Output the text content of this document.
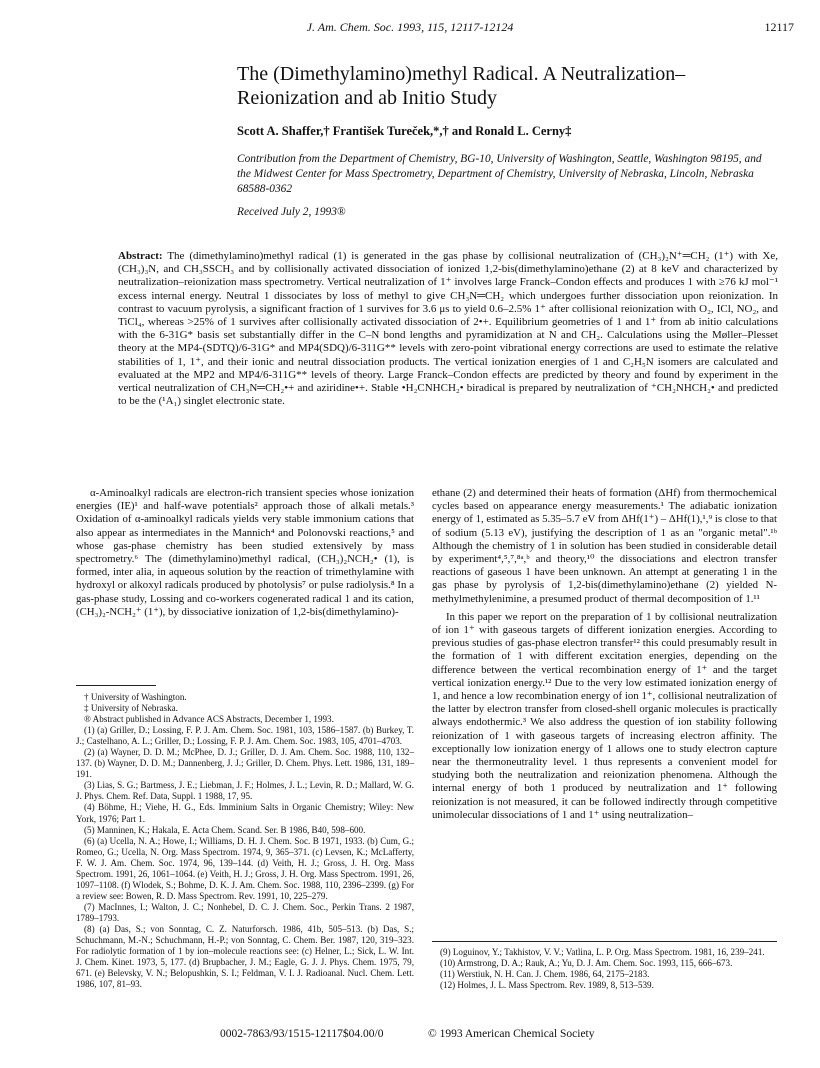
J. Am. Chem. Soc. 1993, 115, 12117-12124	12117
The (Dimethylamino)methyl Radical. A Neutralization–Reionization and ab Initio Study
Scott A. Shaffer,† František Tureček,*,† and Ronald L. Cerny‡
Contribution from the Department of Chemistry, BG-10, University of Washington, Seattle, Washington 98195, and the Midwest Center for Mass Spectrometry, Department of Chemistry, University of Nebraska, Lincoln, Nebraska 68588-0362
Received July 2, 1993®
Abstract: The (dimethylamino)methyl radical (1) is generated in the gas phase by collisional neutralization of (CH₃)₂N⁺═CH₂ (1⁺) with Xe, (CH₃)₃N, and CH₃SSCH₃ and by collisionally activated dissociation of ionized 1,2-bis(dimethylamino)ethane (2) at 8 keV and characterized by neutralization–reionization mass spectrometry. Vertical neutralization of 1⁺ involves large Franck–Condon effects and produces 1 with ≥76 kJ mol⁻¹ excess internal energy. Neutral 1 dissociates by loss of methyl to give CH₃N═CH₂ which undergoes further dissociation upon reionization. In contrast to vacuum pyrolysis, a significant fraction of 1 survives for 3.6 μs to yield 0.6–2.5% 1⁺ after collisional reionization with O₂, ICl, NO₂, and TiCl₄, whereas >25% of 1 survives after collisionally activated dissociation of 2•+. Equilibrium geometries of 1 and 1⁺ from ab initio calculations with the 6-31G* basis set substantially differ in the C–N bond lengths and pyramidization at N and CH₂. Calculations using the Møller–Plesset theory at the MP4-(SDTQ)/6-31G* and MP4(SDQ)/6-311G** levels with zero-point vibrational energy corrections are used to estimate the relative stabilities of 1, 1⁺, and their ionic and neutral dissociation products. The vertical ionization energies of 1 and C₂H₅N isomers are calculated and evaluated at the MP2 and MP4/6-311G** levels of theory. Large Franck–Condon effects are predicted by theory and found by experiment in the vertical neutralization of CH₃N═CH₂•+ and aziridine•+. Stable •H₂CNHCH₂• biradical is prepared by neutralization of ⁺CH₂NHCH₂• and predicted to be the (¹A₁) singlet electronic state.

α-Aminoalkyl radicals are electron-rich transient species whose ionization energies (IE)¹ and half-wave potentials² approach those of alkali metals.³ Oxidation of α-aminoalkyl radicals yields very stable immonium cations that also appear as intermediates in the Mannich⁴ and Polonovski reactions,⁵ and whose gas-phase chemistry has been studied extensively by mass spectrometry.⁶ The (dimethylamino)methyl radical, (CH₃)₂NCH₂• (1), is formed, inter alia, in aqueous solution by the reaction of trimethylamine with hydroxyl or alkoxyl radicals produced by photolysis⁷ or pulse radiolysis.⁸ In a gas-phase study, Lossing and co-workers cogenerated radical 1 and its cation, (CH₃)₂-NCH₂⁺ (1⁺), by dissociative ionization of 1,2-bis(dimethylamino)-

† University of Washington.

‡ University of Nebraska.

® Abstract published in Advance ACS Abstracts, December 1, 1993.

(1) (a) Griller, D.; Lossing, F. P. J. Am. Chem. Soc. 1981, 103, 1586–1587. (b) Burkey, T. J.; Castelhano, A. L.; Griller, D.; Lossing, F. P. J. Am. Chem. Soc. 1983, 105, 4701–4703.

(2) (a) Wayner, D. D. M.; McPhee, D. J.; Griller, D. J. Am. Chem. Soc. 1988, 110, 132–137. (b) Wayner, D. D. M.; Dannenberg, J. J.; Griller, D. Chem. Phys. Lett. 1986, 131, 189–191.

(3) Lias, S. G.; Bartmess, J. E.; Liebman, J. F.; Holmes, J. L.; Levin, R. D.; Mallard, W. G. J. Phys. Chem. Ref. Data, Suppl. 1 1988, 17, 95.

(4) Böhme, H.; Viehe, H. G., Eds. Imminium Salts in Organic Chemistry; Wiley: New York, 1976; Part 1.

(5) Manninen, K.; Hakala, E. Acta Chem. Scand. Ser. B 1986, B40, 598–600.

(6) (a) Ucella, N. A.; Howe, I.; Williams, D. H. J. Chem. Soc. B 1971, 1933. (b) Cum, G.; Romeo, G.; Ucella, N. Org. Mass Spectrom. 1974, 9, 365–371. (c) Levsen, K.; McLafferty, F. W. J. Am. Chem. Soc. 1974, 96, 139–144. (d) Veith, H. J.; Gross, J. H. Org. Mass Spectrom. 1991, 26, 1061–1064. (e) Veith, H. J.; Gross, J. H. Org. Mass Spectrom. 1991, 26, 1097–1108. (f) Wlodek, S.; Bohme, D. K. J. Am. Chem. Soc. 1988, 110, 2396–2399. (g) For a review see: Bowen, R. D. Mass Spectrom. Rev. 1991, 10, 225–279.

(7) MacInnes, I.; Walton, J. C.; Nonhebel, D. C. J. Chem. Soc., Perkin Trans. 2 1987, 1789–1793.

(8) (a) Das, S.; von Sonntag, C. Z. Naturforsch. 1986, 41b, 505–513. (b) Das, S.; Schuchmann, M.-N.; Schuchmann, H.-P.; von Sonntag, C. Chem. Ber. 1987, 120, 319–323. For radiolytic formation of 1 by ion–molecule reactions see: (c) Helner, L.; Sick, L. W. Int. J. Chem. Kinet. 1973, 5, 177. (d) Brupbacher, J. M.; Eagle, G. J. J. Phys. Chem. 1975, 79, 671. (e) Belevsky, V. N.; Belopushkin, S. I.; Feldman, V. I. J. Radioanal. Nucl. Chem. Lett. 1986, 107, 81–93.

ethane (2) and determined their heats of formation (ΔHf) from thermochemical cycles based on appearance energy measurements.¹ The adiabatic ionization energy of 1, estimated as 5.35–5.7 eV from ΔHf(1⁺) – ΔHf(1),¹,⁹ is close to that of sodium (5.13 eV), justifying the description of 1 as an "organic metal".¹ᵇ Although the chemistry of 1 in solution has been studied in considerable detail by experiment⁴,⁵,⁷,⁸ᵃ,ᵇ and theory,¹⁰ the dissociations and electron transfer reactions of gaseous 1 have been unknown. An attempt at generating 1 in the gas phase by pyrolysis of 1,2-bis(dimethylamino)ethane (2) yielded N-methylmethylenimine, a presumed product of thermal decomposition of 1.¹¹

In this paper we report on the preparation of 1 by collisional neutralization of ion 1⁺ with gaseous targets of different ionization energies. According to previous studies of gas-phase electron transfer¹² this could presumably result in the formation of 1 with different excitation energies, depending on the difference between the vertical recombination energy of 1⁺ and the target vertical ionization energy.¹² Due to the very low estimated ionization energy of 1, and hence a low recombination energy of ion 1⁺, collisional neutralization of the latter by electron transfer from closed-shell organic molecules is practically always endothermic.³ We also address the question of ion stability following reionization of 1 with gaseous targets of increasing electron affinity. The exceptionally low ionization energy of 1 allows one to study electron capture near the thermoneutrality level. 1 thus represents a convenient model for studying both the neutralization and reionization phenomena. Although the internal energy of both 1 produced by neutralization and 1⁺ following reionization is not measured, it can be followed indirectly through competitive unimolecular dissociations of 1 and 1⁺ using neutralization–

(9) Loguinov, Y.; Takhistov, V. V.; Vatlina, L. P. Org. Mass Spectrom. 1981, 16, 239–241.

(10) Armstrong, D. A.; Rauk, A.; Yu, D. J. Am. Chem. Soc. 1993, 115, 666–673.

(11) Werstiuk, N. H. Can. J. Chem. 1986, 64, 2175–2183.

(12) Holmes, J. L. Mass Spectrom. Rev. 1989, 8, 513–539.

0002-7863/93/1515-12117$04.00/0	© 1993 American Chemical Society
